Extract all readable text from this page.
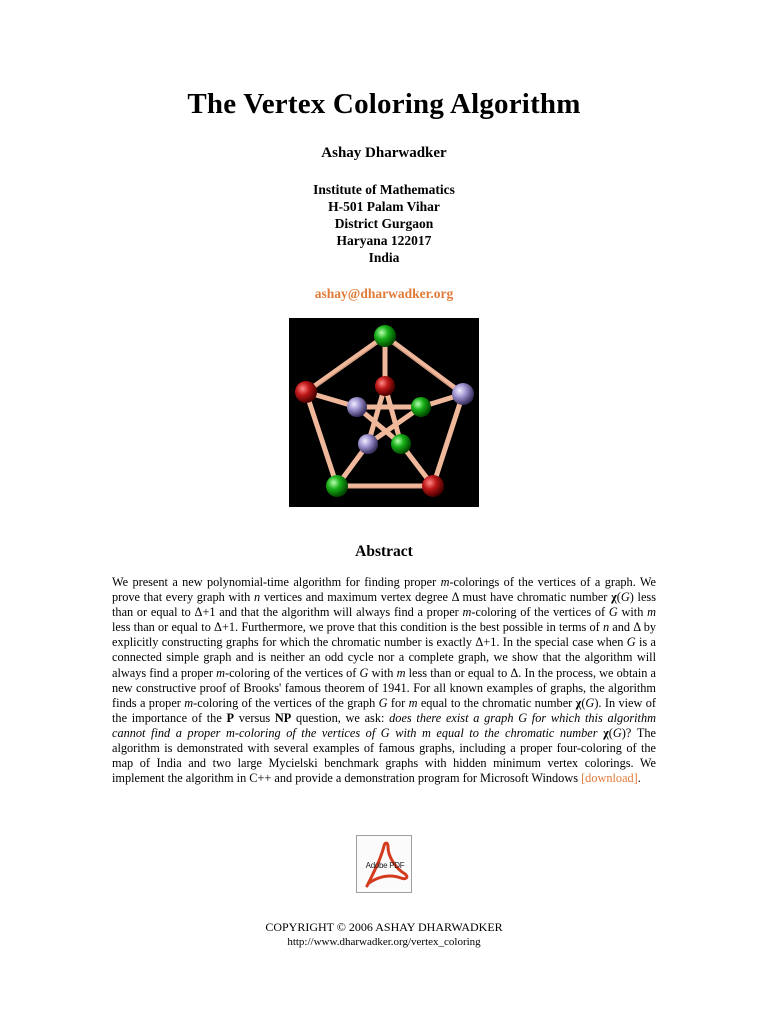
The Vertex Coloring Algorithm
Ashay Dharwadker
Institute of Mathematics
H-501 Palam Vihar
District Gurgaon
Haryana 122017
India
ashay@dharwadker.org
Abstract
We present a new polynomial-time algorithm for finding proper m-colorings of the vertices of a graph. We prove that every graph with n vertices and maximum vertex degree Δ must have chromatic number χ(G) less than or equal to Δ+1 and that the algorithm will always find a proper m-coloring of the vertices of G with m less than or equal to Δ+1. Furthermore, we prove that this condition is the best possible in terms of n and Δ by explicitly constructing graphs for which the chromatic number is exactly Δ+1. In the special case when G is a connected simple graph and is neither an odd cycle nor a complete graph, we show that the algorithm will always find a proper m-coloring of the vertices of G with m less than or equal to Δ. In the process, we obtain a new constructive proof of Brooks' famous theorem of 1941. For all known examples of graphs, the algorithm finds a proper m-coloring of the vertices of the graph G for m equal to the chromatic number χ(G). In view of the importance of the P versus NP question, we ask: does there exist a graph G for which this algorithm cannot find a proper m-coloring of the vertices of G with m equal to the chromatic number χ(G)? The algorithm is demonstrated with several examples of famous graphs, including a proper four-coloring of the map of India and two large Mycielski benchmark graphs with hidden minimum vertex colorings. We implement the algorithm in C++ and provide a demonstration program for Microsoft Windows [download].
Adobe PDF
COPYRIGHT © 2006 ASHAY DHARWADKER
http://www.dharwadker.org/vertex_coloring
